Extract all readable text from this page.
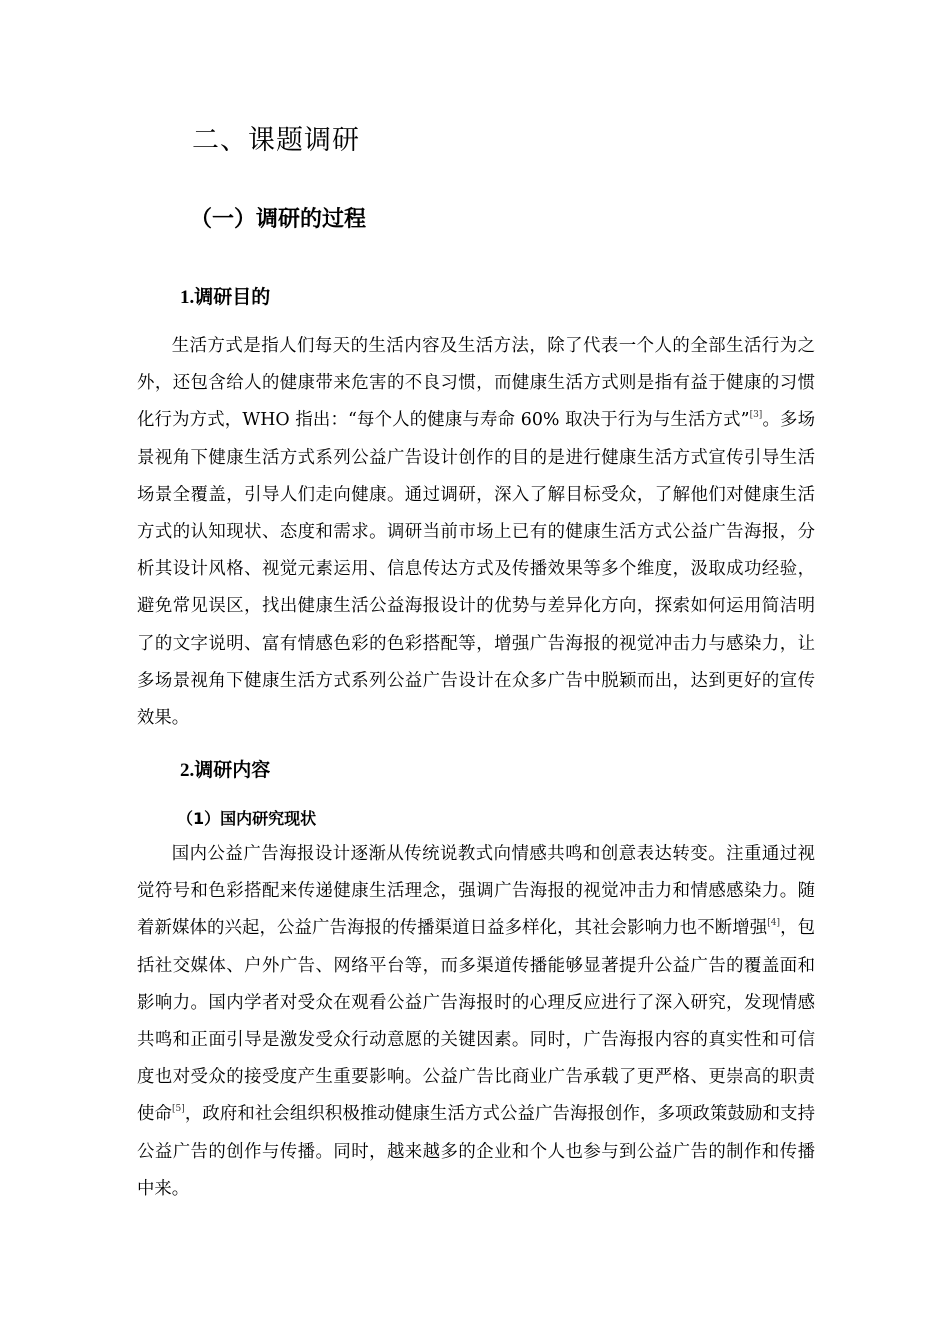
二、课题调研
（一）调研的过程
1.调研目的

生活方式是指人们每天的生活内容及生活方法，除了代表一个人的全部生活行为之外，还包含给人的健康带来危害的不良习惯，而健康生活方式则是指有益于健康的习惯化行为方式，WHO 指出：“每个人的健康与寿命 60% 取决于行为与生活方式”[3]。多场景视角下健康生活方式系列公益广告设计创作的目的是进行健康生活方式宣传引导生活场景全覆盖，引导人们走向健康。通过调研，深入了解目标受众，了解他们对健康生活方式的认知现状、态度和需求。调研当前市场上已有的健康生活方式公益广告海报，分析其设计风格、视觉元素运用、信息传达方式及传播效果等多个维度，汲取成功经验，避免常见误区，找出健康生活公益海报设计的优势与差异化方向，探索如何运用简洁明了的文字说明、富有情感色彩的色彩搭配等，增强广告海报的视觉冲击力与感染力，让多场景视角下健康生活方式系列公益广告设计在众多广告中脱颖而出，达到更好的宣传效果。

2.调研内容
（1）国内研究现状

国内公益广告海报设计逐渐从传统说教式向情感共鸣和创意表达转变。注重通过视觉符号和色彩搭配来传递健康生活理念，强调广告海报的视觉冲击力和情感感染力。随着新媒体的兴起，公益广告海报的传播渠道日益多样化，其社会影响力也不断增强[4]，包括社交媒体、户外广告、网络平台等，而多渠道传播能够显著提升公益广告的覆盖面和影响力。国内学者对受众在观看公益广告海报时的心理反应进行了深入研究，发现情感共鸣和正面引导是激发受众行动意愿的关键因素。同时，广告海报内容的真实性和可信度也对受众的接受度产生重要影响。公益广告比商业广告承载了更严格、更崇高的职责使命[5]，政府和社会组织积极推动健康生活方式公益广告海报创作，多项政策鼓励和支持公益广告的创作与传播。同时，越来越多的企业和个人也参与到公益广告的制作和传播中来。
